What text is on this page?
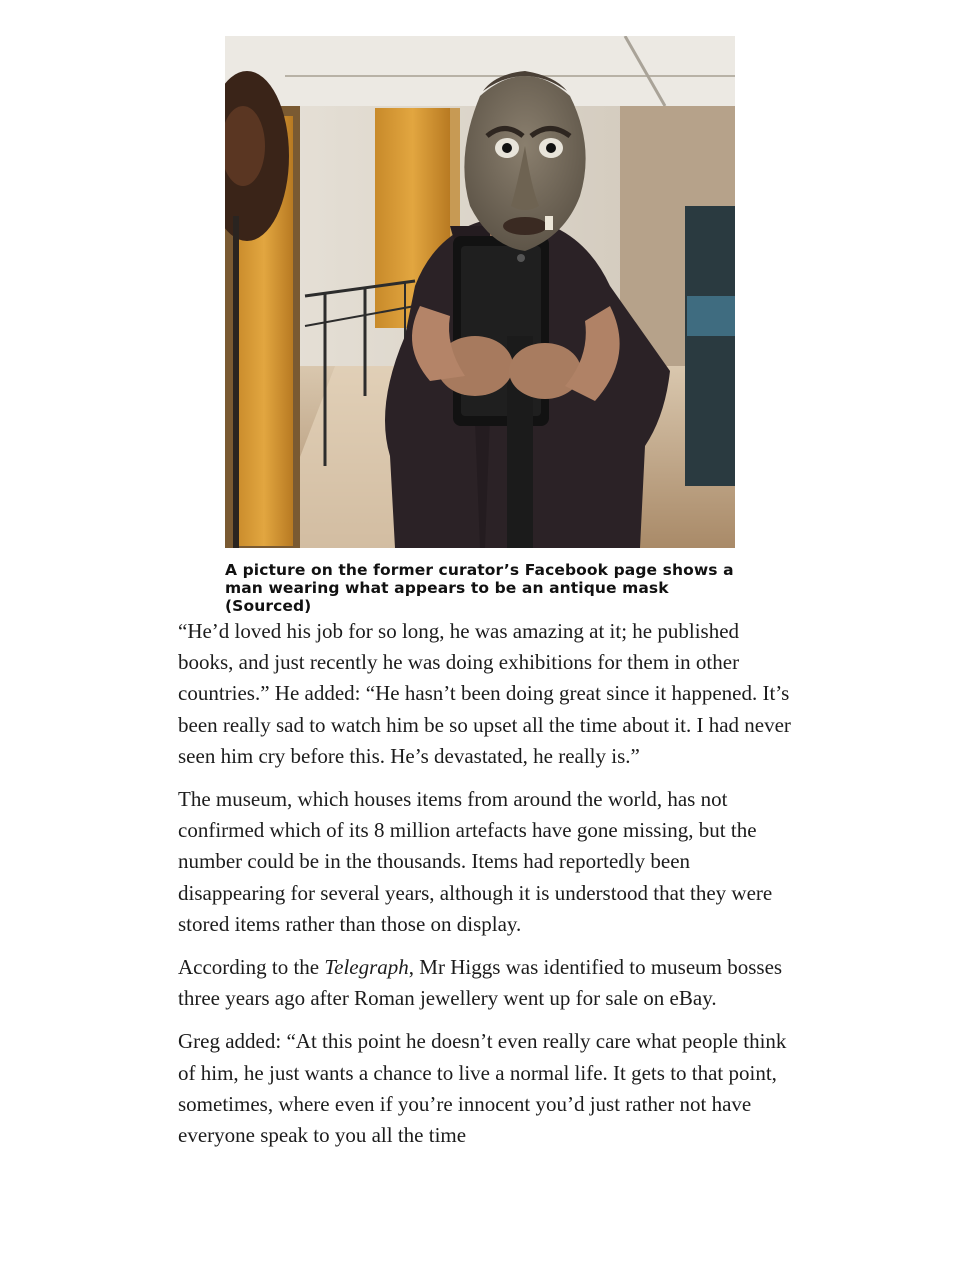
A picture on the former curator’s Facebook page shows a man wearing what appears to be an antique mask (Sourced)

“He’d loved his job for so long, he was amazing at it; he published books, and just recently he was doing exhibitions for them in other countries.” He added: “He hasn’t been doing great since it happened. It’s been really sad to watch him be so upset all the time about it. I had never seen him cry before this. He’s devastated, he really is.”

The museum, which houses items from around the world, has not confirmed which of its 8 million artefacts have gone missing, but the number could be in the thousands. Items had reportedly been disappearing for several years, although it is understood that they were stored items rather than those on display.

According to the Telegraph, Mr Higgs was identified to museum bosses three years ago after Roman jewellery went up for sale on eBay.

Greg added: “At this point he doesn’t even really care what people think of him, he just wants a chance to live a normal life. It gets to that point, sometimes, where even if you’re innocent you’d just rather not have everyone speak to you all the time
